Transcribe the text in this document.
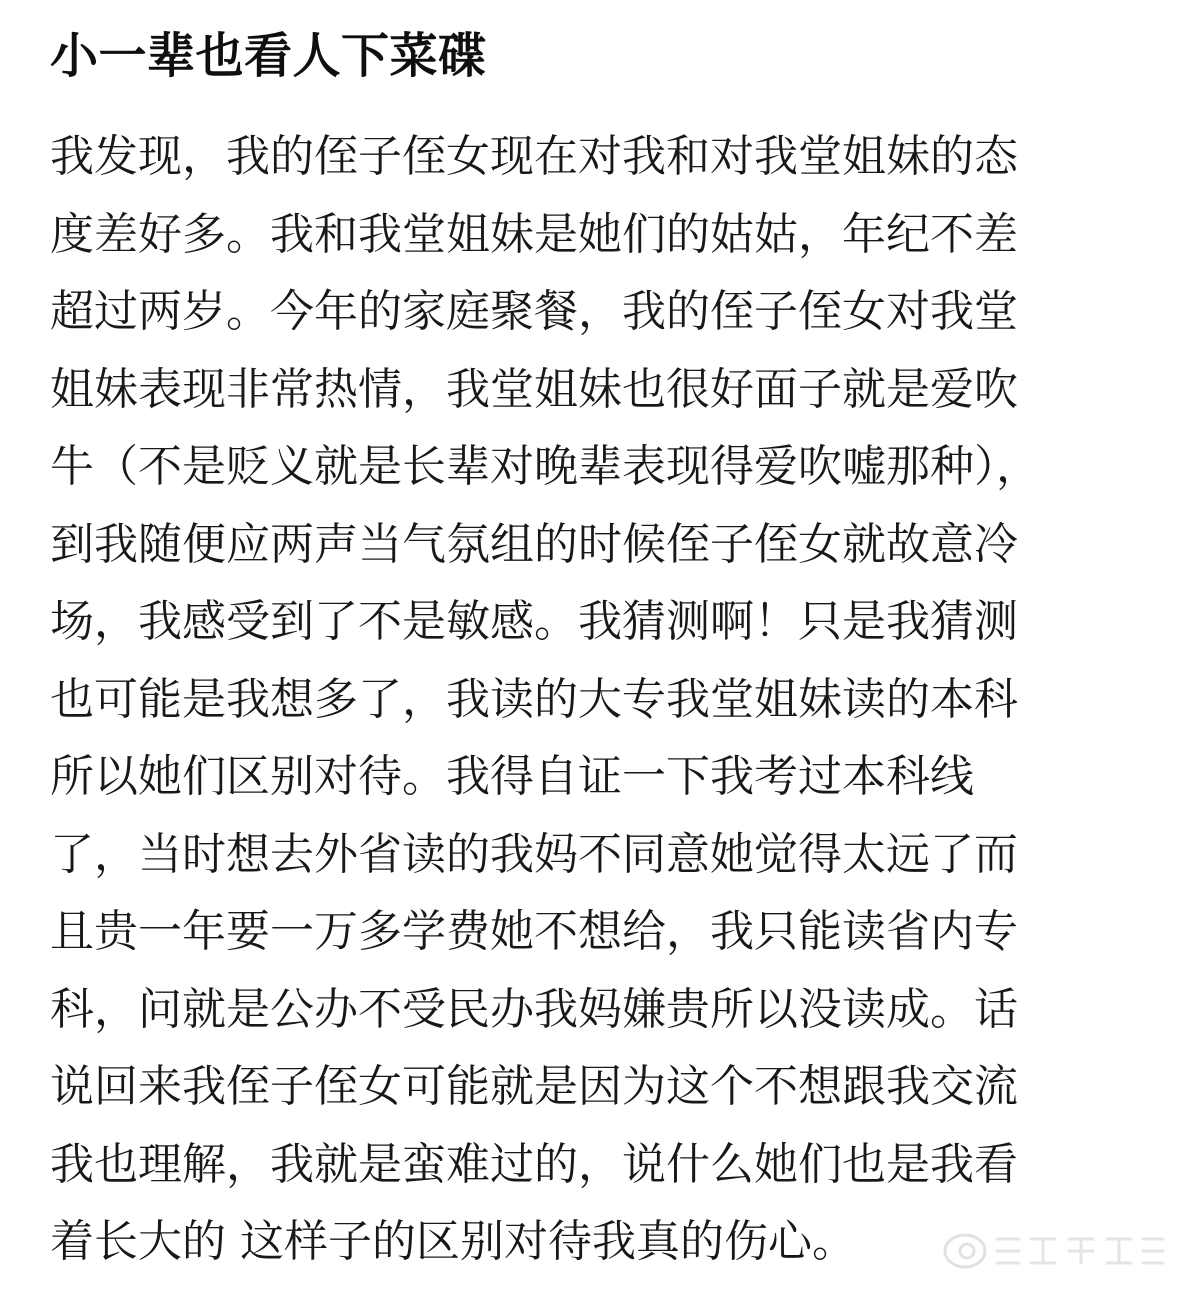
小一辈也看人下菜碟
我发现，我的侄子侄女现在对我和对我堂姐妹的态
度差好多。我和我堂姐妹是她们的姑姑，年纪不差
超过两岁。今年的家庭聚餐，我的侄子侄女对我堂
姐妹表现非常热情，我堂姐妹也很好面子就是爱吹
牛（不是贬义就是长辈对晚辈表现得爱吹嘘那种），
到我随便应两声当气氛组的时候侄子侄女就故意冷
场，我感受到了不是敏感。我猜测啊！只是我猜测
也可能是我想多了，我读的大专我堂姐妹读的本科
所以她们区别对待。我得自证一下我考过本科线
了，当时想去外省读的我妈不同意她觉得太远了而
且贵一年要一万多学费她不想给，我只能读省内专
科，问就是公办不受民办我妈嫌贵所以没读成。话
说回来我侄子侄女可能就是因为这个不想跟我交流
我也理解，我就是蛮难过的，说什么她们也是我看
着长大的 这样子的区别对待我真的伤心。
